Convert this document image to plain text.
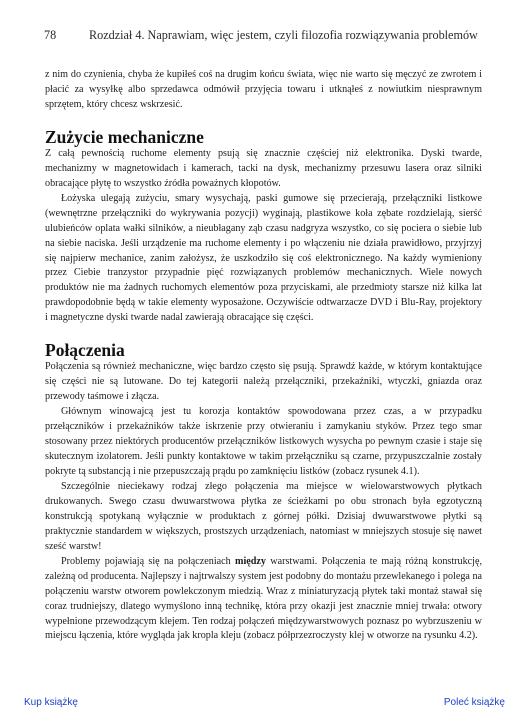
78	Rozdział 4. Naprawiam, więc jestem, czyli filozofia rozwiązywania problemów

z nim do czynienia, chyba że kupiłeś coś na drugim końcu świata, więc nie warto się męczyć ze zwrotem i płacić za wysyłkę albo sprzedawca odmówił przyjęcia towaru i utknąłeś z nowiutkim niesprawnym sprzętem, który chcesz wskrzesić.

Zużycie mechaniczne

Z całą pewnością ruchome elementy psują się znacznie częściej niż elektronika. Dyski twarde, mechanizmy w magnetowidach i kamerach, tacki na dysk, mechanizmy przesuwu lasera oraz silniki obracające płytę to wszystko źródła poważnych kłopotów.

Łożyska ulegają zużyciu, smary wysychają, paski gumowe się przecierają, przełączniki listkowe (wewnętrzne przełączniki do wykrywania pozycji) wyginają, plastikowe koła zębate rozdzielają, sierść ulubieńców oplata wałki silników, a nieubłagany ząb czasu nadgryza wszystko, co się pociera o siebie lub na siebie naciska. Jeśli urządzenie ma ruchome elementy i po włączeniu nie działa prawidłowo, przyjrzyj się najpierw mechanice, zanim założysz, że uszkodziło się coś elektronicznego. Na każdy wymieniony przez Ciebie tranzystor przypadnie pięć rozwiązanych problemów mechanicznych. Wiele nowych produktów nie ma żadnych ruchomych elementów poza przyciskami, ale przedmioty starsze niż kilka lat prawdopodobnie będą w takie elementy wyposażone. Oczywiście odtwarzacze DVD i Blu-Ray, projektory i magnetyczne dyski twarde nadal zawierają obracające się części.

Połączenia

Połączenia są również mechaniczne, więc bardzo często się psują. Sprawdź każde, w którym kontaktujące się części nie są lutowane. Do tej kategorii należą przełączniki, przekaźniki, wtyczki, gniazda oraz przewody taśmowe i złącza.

Głównym winowajcą jest tu korozja kontaktów spowodowana przez czas, a w przypadku przełączników i przekaźników także iskrzenie przy otwieraniu i zamykaniu styków. Przez tego smar stosowany przez niektórych producentów przełączników listkowych wysycha po pewnym czasie i staje się skutecznym izolatorem. Jeśli punkty kontaktowe w takim przełączniku są czarne, przypuszczalnie zostały pokryte tą substancją i nie przepuszczają prądu po zamknięciu listków (zobacz rysunek 4.1).

Szczególnie nieciekawy rodzaj złego połączenia ma miejsce w wielowarstwowych płytkach drukowanych. Swego czasu dwuwarstwowa płytka ze ścieżkami po obu stronach była egzotyczną konstrukcją spotykaną wyłącznie w produktach z górnej półki. Dzisiaj dwuwarstwowe płytki są praktycznie standardem w większych, prostszych urządzeniach, natomiast w mniejszych stosuje się nawet sześć warstw!

Problemy pojawiają się na połączeniach między warstwami. Połączenia te mają różną konstrukcję, zależną od producenta. Najlepszy i najtrwalszy system jest podobny do montażu przewlekanego i polega na połączeniu warstw otworem powlekczonym miedzią. Wraz z miniaturyzacją płytek taki montaż stawał się coraz trudniejszy, dlatego wymyślono inną technikę, która przy okazji jest znacznie mniej trwała: otwory wypełnione przewodzącym klejem. Ten rodzaj połączeń międzywarstwowych poznasz po wybrzuszeniu w miejscu łączenia, które wygląda jak kropla kleju (zobacz półprzezroczysty klej w otworze na rysunku 4.2).

Kup książkę	Poleć książkę
